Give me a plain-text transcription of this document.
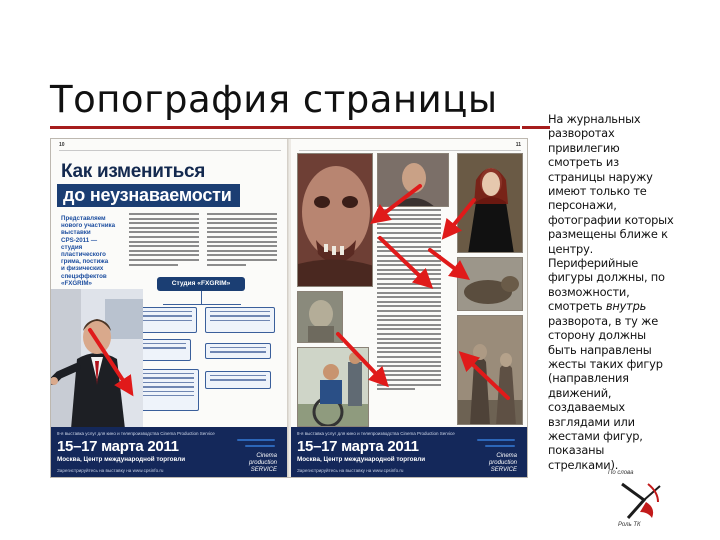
Топография страницы
10
Как измениться
до неузнаваемости
Представляем
нового участника
выставки
CPS-2011 — студия
пластического
грима, постижа
и физических
спецэффектов
«FXGRIM»	Студия «FXGRIM»
8-я выставка услуг для кино и телепроизводства Cinema Production Service
15–17 марта 2011
Москва, Центр международной торговли
Зарегистрируйтесь на выставку на www.cpsinfo.ru
Cinema production SERVICE
11
8-я выставка услуг для кино и телепроизводства Cinema Production Service
15–17 марта 2011
Москва, Центр международной торговли
Зарегистрируйтесь на выставку на www.cpsinfo.ru
Cinema production SERVICE
На журнальных разворотах привилегию смотреть из страницы наружу имеют только те персонажи, фотографии которых размещены ближе к центру. Периферийные фигуры должны, по возможности, смотреть внутрь разворота, в ту же сторону должны быть направлены жесты таких фигур (направления движений, создаваемых взглядами или жестами фигур, показаны стрелками).
По слова
Роль ТК
